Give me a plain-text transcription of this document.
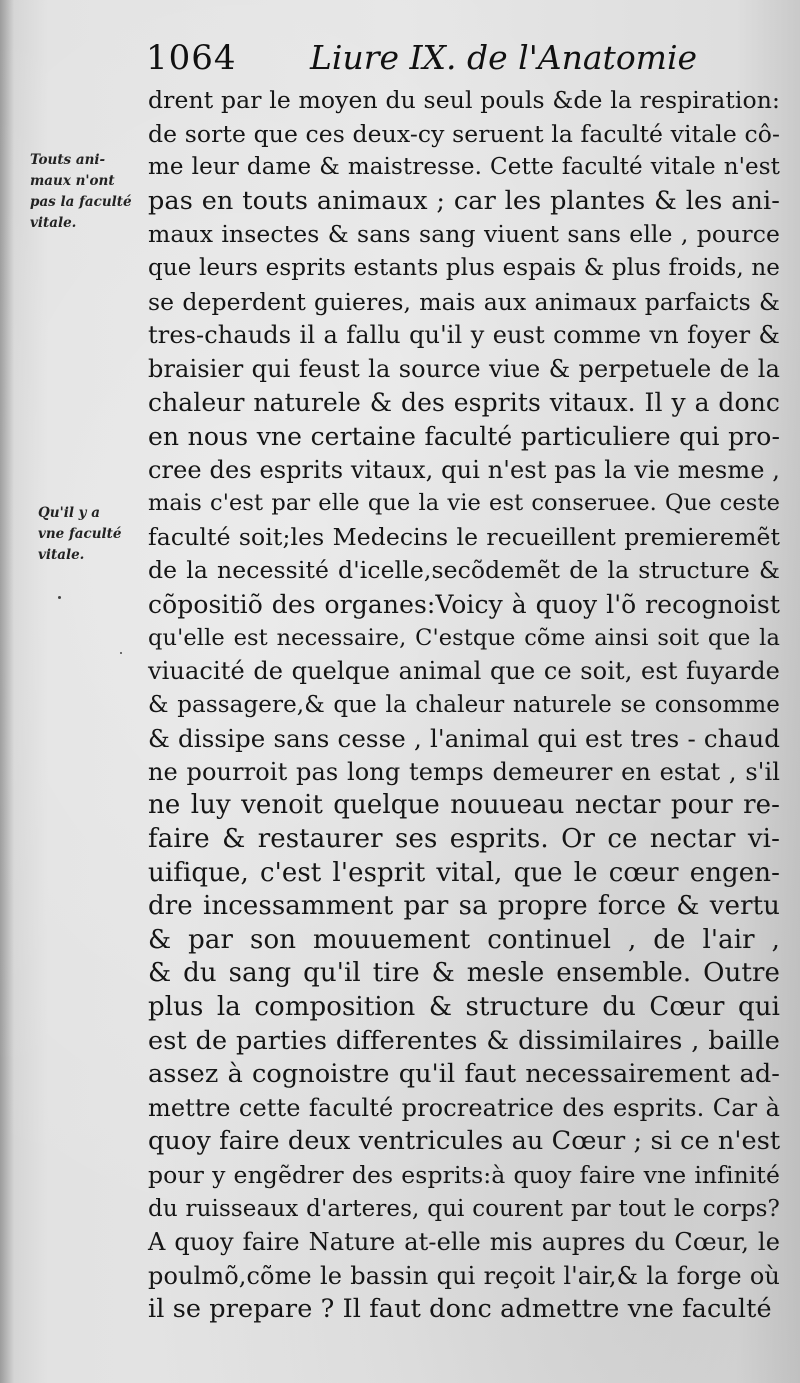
1064 Liure IX. de l'Anatomie
Touts ani-
maux n'ont
pas la faculté
vitale.
Qu'il y a
vne faculté
vitale.
drent par le moyen du seul pouls &de la respiration:
de sorte que ces deux-cy seruent la faculté vitale cô-
me leur dame & maistresse. Cette faculté vitale n'est
pas en touts animaux ; car les plantes & les ani-
maux insectes & sans sang viuent sans elle , pource
que leurs esprits estants plus espais & plus froids, ne
se deperdent guieres, mais aux animaux parfaicts &
tres-chauds il a fallu qu'il y eust comme vn foyer &
braisier qui feust la source viue & perpetuele de la
chaleur naturele & des esprits vitaux. Il y a donc
en nous vne certaine faculté particuliere qui pro-
cree des esprits vitaux, qui n'est pas la vie mesme ,
mais c'est par elle que la vie est conseruee. Que ceste
faculté soit;les Medecins le recueillent premieremẽt
de la necessité d'icelle,secõdemẽt de la structure &
cõpositiõ des organes:Voicy à quoy l'õ recognoist
qu'elle est necessaire, C'estque cõme ainsi soit que la
viuacité de quelque animal que ce soit, est fuyarde
& passagere,& que la chaleur naturele se consomme
& dissipe sans cesse , l'animal qui est tres - chaud
ne pourroit pas long temps demeurer en estat , s'il
ne luy venoit quelque nouueau nectar pour re-
faire & restaurer ses esprits. Or ce nectar vi-
uifique, c'est l'esprit vital, que le cœur engen-
dre incessamment par sa propre force & vertu
& par son mouuement continuel , de l'air ,
& du sang qu'il tire & mesle ensemble. Outre
plus la composition & structure du Cœur qui
est de parties differentes & dissimilaires , baille
assez à cognoistre qu'il faut necessairement ad-
mettre cette faculté procreatrice des esprits. Car à
quoy faire deux ventricules au Cœur ; si ce n'est
pour y engẽdrer des esprits:à quoy faire vne infinité
du ruisseaux d'arteres, qui courent par tout le corps?
A quoy faire Nature at-elle mis aupres du Cœur, le
poulmõ,cõme le bassin qui reçoit l'air,& la forge où
il se prepare ? Il faut donc admettre vne faculté
